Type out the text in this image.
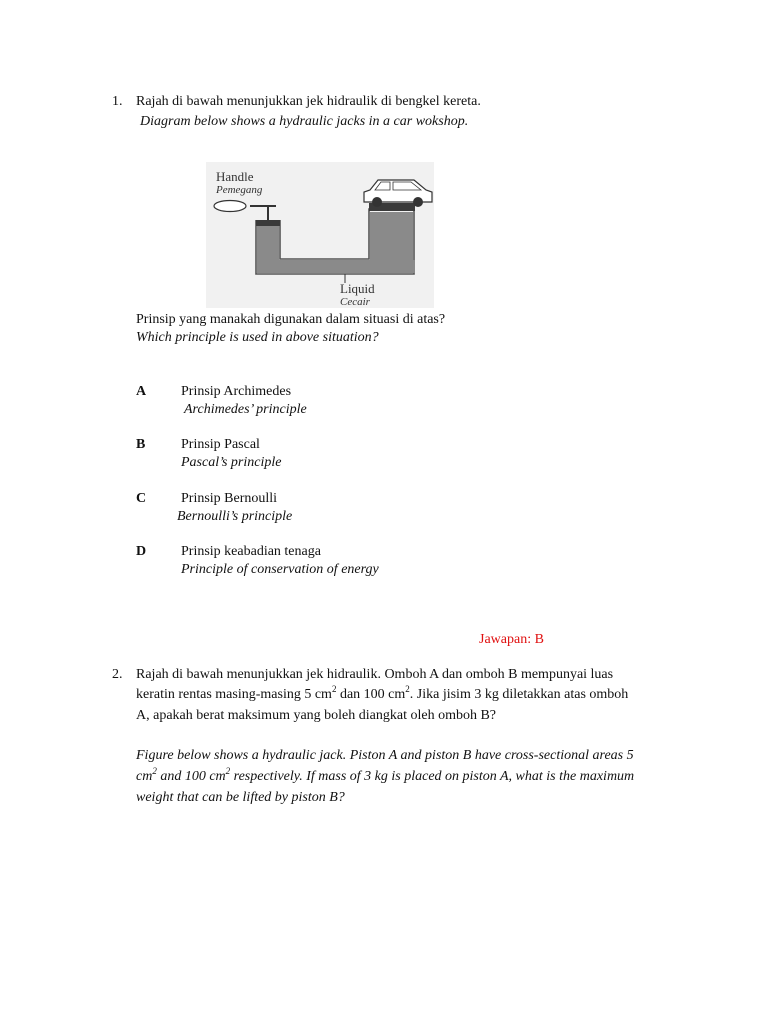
1. Rajah di bawah menunjukkan jek hidraulik di bengkel kereta.
Diagram below shows a hydraulic jacks in a car wokshop.
Handle
Pemegang
Liquid
Cecair
Prinsip yang manakah digunakan dalam situasi di atas?
Which principle is used in above situation?
A Prinsip Archimedes
Archimedes’ principle
B	Prinsip Pascal
Pascal’s principle
C Prinsip Bernoulli
Bernoulli’s principle
D Prinsip keabadian tenaga
Principle of conservation of energy
Jawapan: B
2. Rajah di bawah menunjukkan jek hidraulik. Omboh A dan omboh B mempunyai luas
keratin rentas masing-masing 5 $cm^2$ dan 100 $cm^2$. Jika jisim 3 kg diletakkan atas omboh
A, apakah berat maksimum yang boleh diangkat oleh omboh B?
Figure below shows a hydraulic jack. Piston A and piston B have cross-sectional areas 5
$cm^2$ and 100 $cm^2$ respectively. If mass of 3 kg is placed on piston A, what is the maximum
weight that can be lifted by piston B?
